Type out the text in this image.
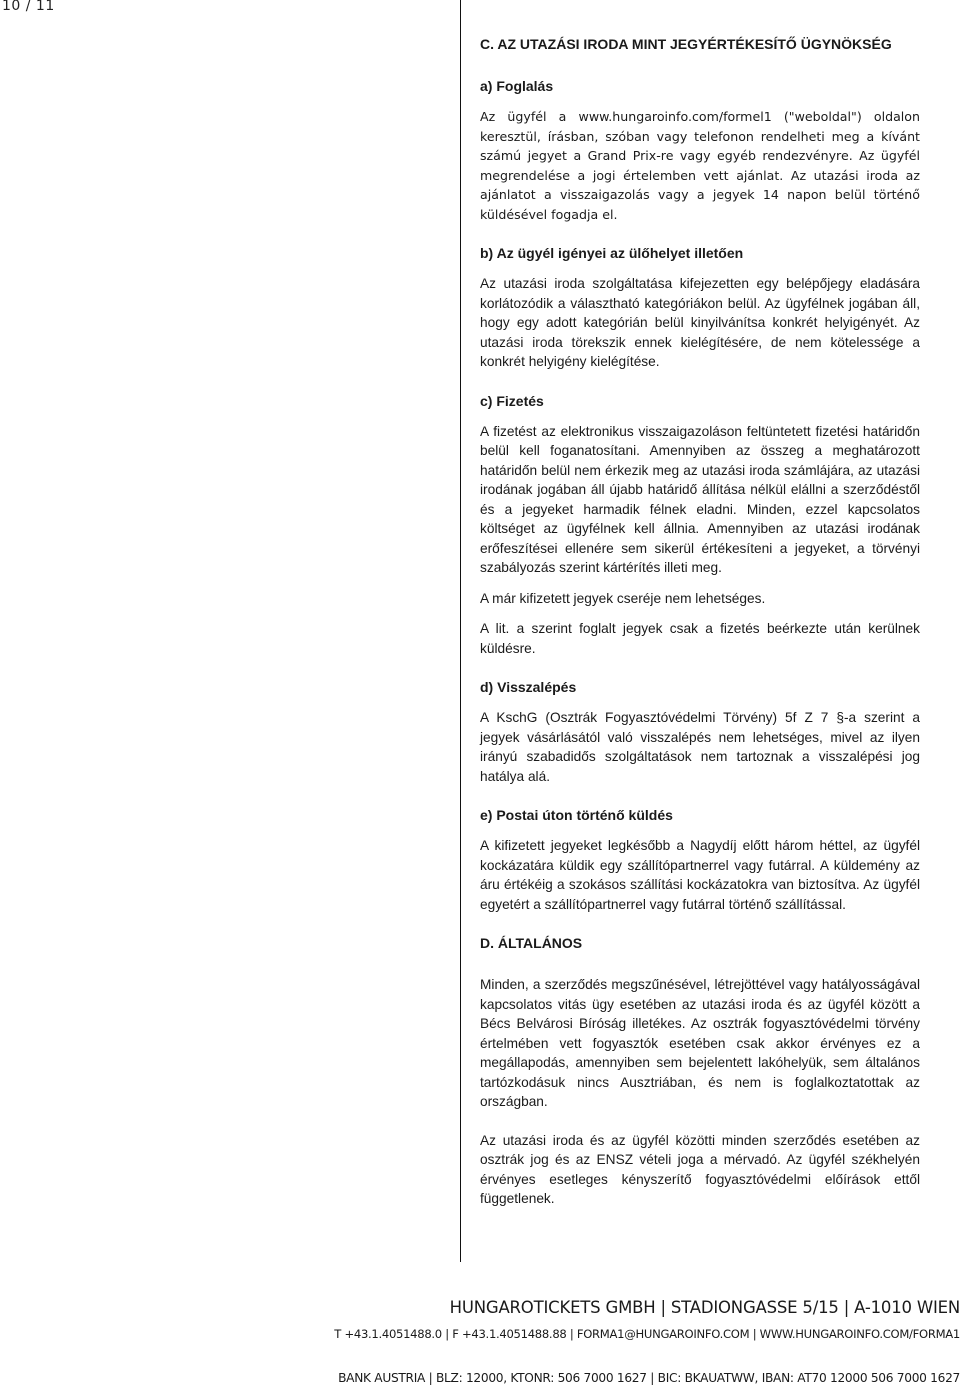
10 / 11
C. AZ UTAZÁSI IRODA MINT JEGYÉRTÉKESÍTŐ ÜGYNÖKSÉG
a) Foglalás

Az ügyfél a www.hungaroinfo.com/formel1 ("weboldal") oldalon keresztül, írásban, szóban vagy telefonon rendelheti meg a kívánt számú jegyet a Grand Prix-re vagy egyéb rendezvényre. Az ügyfél megrendelése a jogi értelemben vett ajánlat. Az utazási iroda az ajánlatot a visszaigazolás vagy a jegyek 14 napon belül történő küldésével fogadja el.

b) Az ügyél igényei az ülőhelyet illetően

Az utazási iroda szolgáltatása kifejezetten egy belépőjegy eladására korlátozódik a választható kategóriákon belül. Az ügyfélnek jogában áll, hogy egy adott kategórián belül kinyilvánítsa konkrét helyigényét. Az utazási iroda törekszik ennek kielégítésére, de nem kötelessége a konkrét helyigény kielégítése.

c) Fizetés

A fizetést az elektronikus visszaigazoláson feltüntetett fizetési határidőn belül kell foganatosítani. Amennyiben az összeg a meghatározott határidőn belül nem érkezik meg az utazási iroda számlájára, az utazási irodának jogában áll újabb határidő állítása nélkül elállni a szerződéstől és a jegyeket harmadik félnek eladni. Minden, ezzel kapcsolatos költséget az ügyfélnek kell állnia. Amennyiben az utazási irodának erőfeszítései ellenére sem sikerül értékesíteni a jegyeket, a törvényi szabályozás szerint kártérítés illeti meg.

A már kifizetett jegyek cseréje nem lehetséges.

A lit. a szerint foglalt jegyek csak a fizetés beérkezte után kerülnek küldésre.

d) Visszalépés

A KschG (Osztrák Fogyasztóvédelmi Törvény) 5f Z 7 §-a szerint a jegyek vásárlásától való visszalépés nem lehetséges, mivel az ilyen irányú szabadidős szolgáltatások nem tartoznak a visszalépési jog hatálya alá.

e) Postai úton történő küldés

A kifizetett jegyeket legkésőbb a Nagydíj előtt három héttel, az ügyfél kockázatára küldik egy szállítópartnerrel vagy futárral. A küldemény az áru értékéig a szokásos szállítási kockázatokra van biztosítva. Az ügyfél egyetért a szállítópartnerrel vagy futárral történő szállítással.

D. ÁLTALÁNOS

Minden, a szerződés megszűnésével, létrejöttével vagy hatályosságával kapcsolatos vitás ügy esetében az utazási iroda és az ügyfél között a Bécs Belvárosi Bíróság illetékes. Az osztrák fogyasztóvédelmi törvény értelmében vett fogyasztók esetében csak akkor érvényes ez a megállapodás, amennyiben sem bejelentett lakóhelyük, sem általános tartózkodásuk nincs Ausztriában, és nem is foglalkoztatottak az országban.

Az utazási iroda és az ügyfél közötti minden szerződés esetében az osztrák jog és az ENSZ vételi joga a mérvadó. Az ügyfél székhelyén érvényes esetleges kényszerítő fogyasztóvédelmi előírások ettől függetlenek.

HUNGAROTICKETS GMBH | STADIONGASSE 5/15 | A-1010 WIEN
T +43.1.4051488.0 | F +43.1.4051488.88 | FORMA1@HUNGAROINFO.COM | WWW.HUNGAROINFO.COM/FORMA1
BANK AUSTRIA | BLZ: 12000, KTONR: 506 7000 1627 | BIC: BKAUATWW, IBAN: AT70 12000 506 7000 1627
